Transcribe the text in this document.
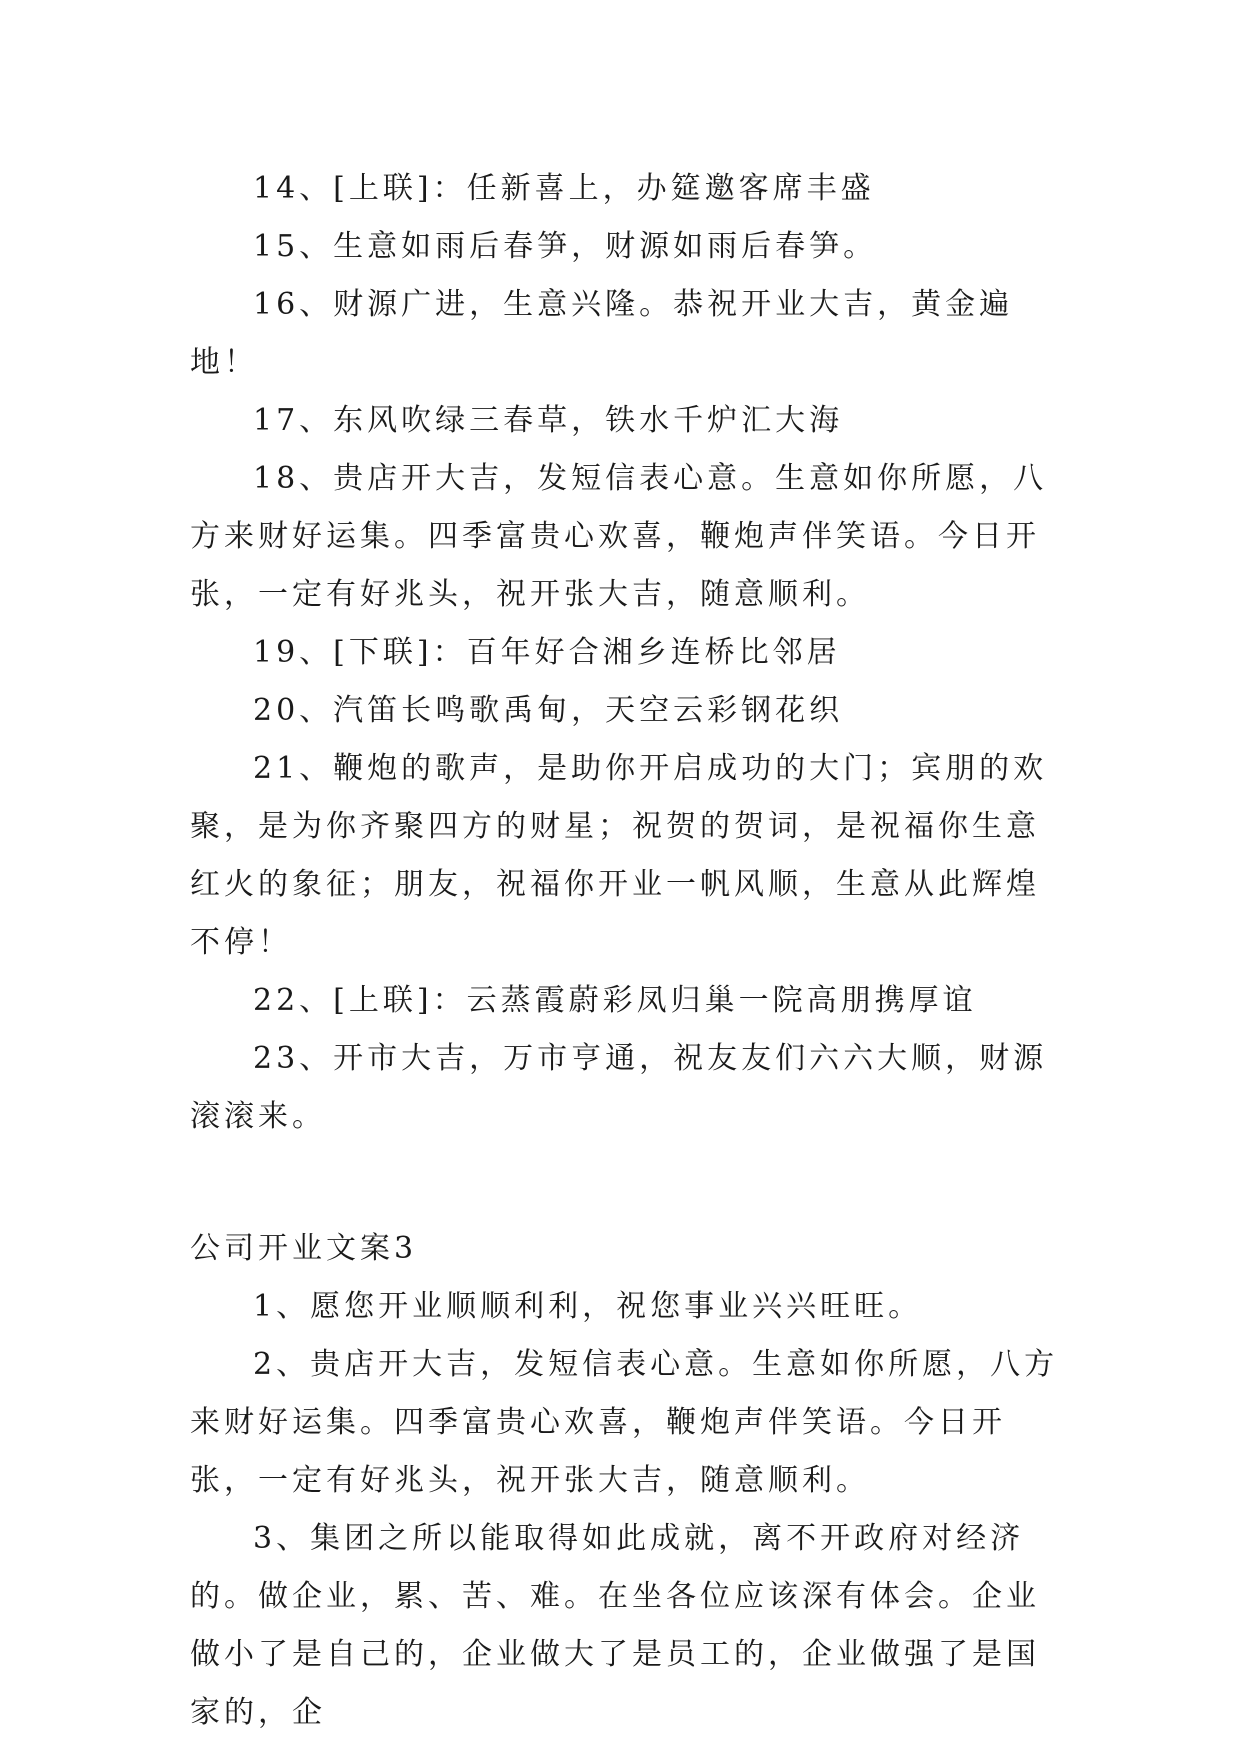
14、[上联]：任新喜上，办筵邀客席丰盛

15、生意如雨后春笋，财源如雨后春笋。

16、财源广进，生意兴隆。恭祝开业大吉，黄金遍地！

17、东风吹绿三春草，铁水千炉汇大海

18、贵店开大吉，发短信表心意。生意如你所愿，八方来财好运集。四季富贵心欢喜，鞭炮声伴笑语。今日开张，一定有好兆头，祝开张大吉，随意顺利。

19、[下联]：百年好合湘乡连桥比邻居

20、汽笛长鸣歌禹甸，天空云彩钢花织

21、鞭炮的歌声，是助你开启成功的大门；宾朋的欢聚，是为你齐聚四方的财星；祝贺的贺词，是祝福你生意红火的象征；朋友，祝福你开业一帆风顺，生意从此辉煌不停！

22、[上联]：云蒸霞蔚彩凤归巢一院高朋携厚谊

23、开市大吉，万市亨通，祝友友们六六大顺，财源滚滚来。

公司开业文案3

1、愿您开业顺顺利利，祝您事业兴兴旺旺。

2、贵店开大吉，发短信表心意。生意如你所愿，八方来财好运集。四季富贵心欢喜，鞭炮声伴笑语。今日开张，一定有好兆头，祝开张大吉，随意顺利。

3、集团之所以能取得如此成就，离不开政府对经济的。做企业，累、苦、难。在坐各位应该深有体会。企业做小了是自己的，企业做大了是员工的，企业做强了是国家的，企
